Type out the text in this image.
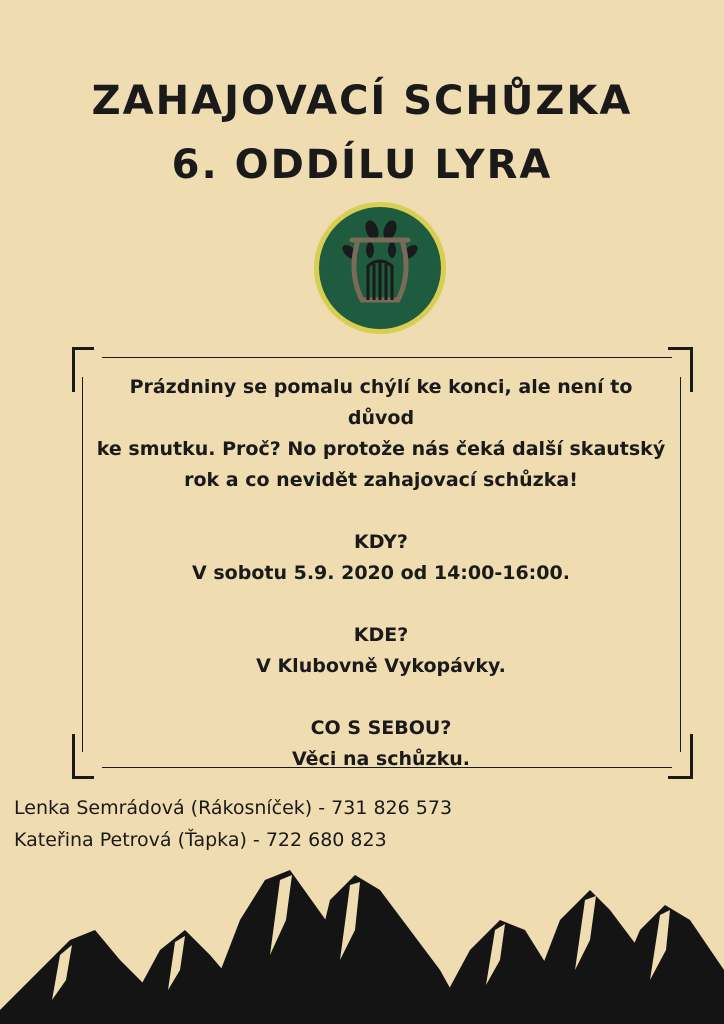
ZAHAJOVACÍ SCHŮZKA
6. ODDÍLU LYRA

Prázdniny se pomalu chýlí ke konci, ale není to důvod

ke smutku. Proč? No protože nás čeká další skautský

rok a co nevidět zahajovací schůzka!

KDY?

V sobotu 5.9. 2020 od 14:00-16:00.

KDE?

V Klubovně Vykopávky.

CO S SEBOU?

Věci na schůzku.

Lenka Semrádová (Rákosníček) - 731 826 573

Kateřina Petrová (Ťapka) - 722 680 823
